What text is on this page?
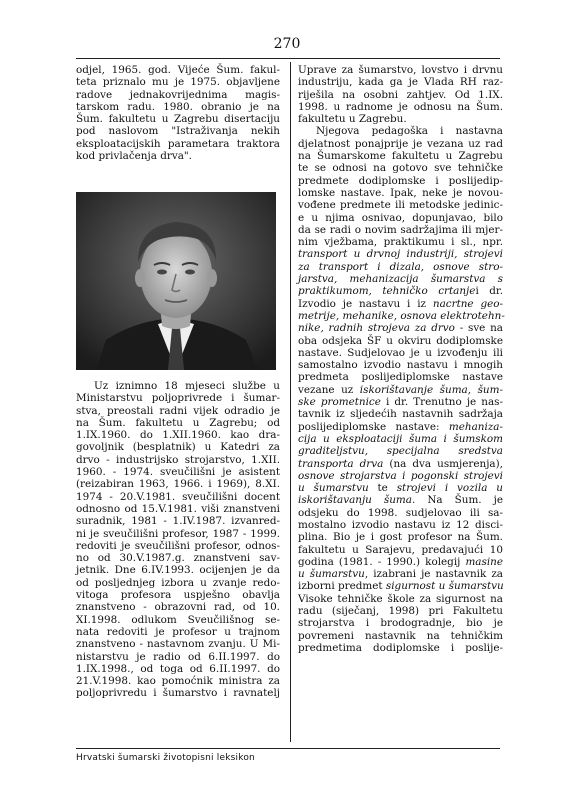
270
odjel, 1965. god. Vijeće Šum. fakul-
teta priznalo mu je 1975. objavljene
radove jednakovrijednima magis-
tarskom radu. 1980. obranio je na
Šum. fakultetu u Zagrebu disertaciju
pod naslovom "Istraživanja nekih
eksploatacijskih parametara traktora
kod privlačenja drva".
Uz iznimno 18 mjeseci službe u
Ministarstvu poljoprivrede i šumar-
stva, preostali radni vijek odradio je
na Šum. fakultetu u Zagrebu; od
1.IX.1960. do 1.XII.1960. kao dra-
govoljnik (besplatnik) u Katedri za
drvo - industrijsko strojarstvo, 1.XII.
1960. - 1974. sveučilišni je asistent
(reizabiran 1963, 1966. i 1969), 8.XI.
1974 - 20.V.1981. sveučilišni docent
odnosno od 15.V.1981. viši znanstveni
suradnik, 1981 - 1.IV.1987. izvanred-
ni je sveučilišni profesor, 1987 - 1999.
redoviti je sveučilišni profesor, odnos-
no od 30.V.1987.g. znanstveni sav-
jetnik. Dne 6.IV.1993. ocijenjen je da
od posljednjeg izbora u zvanje redo-
vitoga profesora uspješno obavlja
znanstveno - obrazovni rad, od 10.
XI.1998. odlukom Sveučilišnog se-
nata redoviti je profesor u trajnom
znanstveno - nastavnom zvanju. U Mi-
nistarstvu je radio od 6.II.1997. do
1.IX.1998., od toga od 6.II.1997. do
21.V.1998. kao pomoćnik ministra za
poljoprivredu i šumarstvo i ravnatelj
Uprave za šumarstvo, lovstvo i drvnu
industriju, kada ga je Vlada RH raz-
riješila na osobni zahtjev. Od 1.IX.
1998. u radnome je odnosu na Šum.
fakultetu u Zagrebu.
Njegova pedagoška i nastavna
djelatnost ponajprije je vezana uz rad
na Šumarskome fakultetu u Zagrebu
te se odnosi na gotovo sve tehničke
predmete dodiplomske i poslijedip-
lomske nastave. Ipak, neke je novou-
vođene predmete ili metodske jedinic-
e u njima osnivao, dopunjavao, bilo
da se radi o novim sadržajima ili mjer-
nim vježbama, praktikumu i sl., npr.
transport u drvnoj industriji, strojevi
za transport i dizala, osnove stro-
jarstva, mehanizacija šumarstva s
praktikumom, tehničko crtanjei dr.
Izvodio je nastavu i iz nacrtne geo-
metrije, mehanike, osnova elektrotehn-
nike, radnih strojeva za drvo - sve na
oba odsjeka ŠF u okviru dodiplomske
nastave. Sudjelovao je u izvođenju ili
samostalno izvodio nastavu i mnogih
predmeta poslijediplomske nastave
vezane uz iskorištavanje šuma, šum-
ske prometnice i dr. Trenutno je nas-
tavnik iz sljedećih nastavnih sadržaja
poslijediplomske nastave: mehaniza-
cija u eksploataciji šuma i šumskom
graditeljstvu, specijalna sredstva
transporta drva (na dva usmjerenja),
osnove strojarstva i pogonski strojevi
u šumarstvu te strojevi i vozila u
iskorištavanju šuma. Na Šum. je
odsjeku do 1998. sudjelovao ili sa-
mostalno izvodio nastavu iz 12 disci-
plina. Bio je i gost profesor na Šum.
fakultetu u Sarajevu, predavajući 10
godina (1981. - 1990.) kolegij masine
u šumarstvu, izabrani je nastavnik za
izborni predmet sigurnost u šumarstvu
Visoke tehničke škole za sigurnost na
radu (siječanj, 1998) pri Fakultetu
strojarstva i brodogradnje, bio je
povremeni nastavnik na tehničkim
predmetima dodiplomske i poslije-
Hrvatski šumarski životopisni leksikon
